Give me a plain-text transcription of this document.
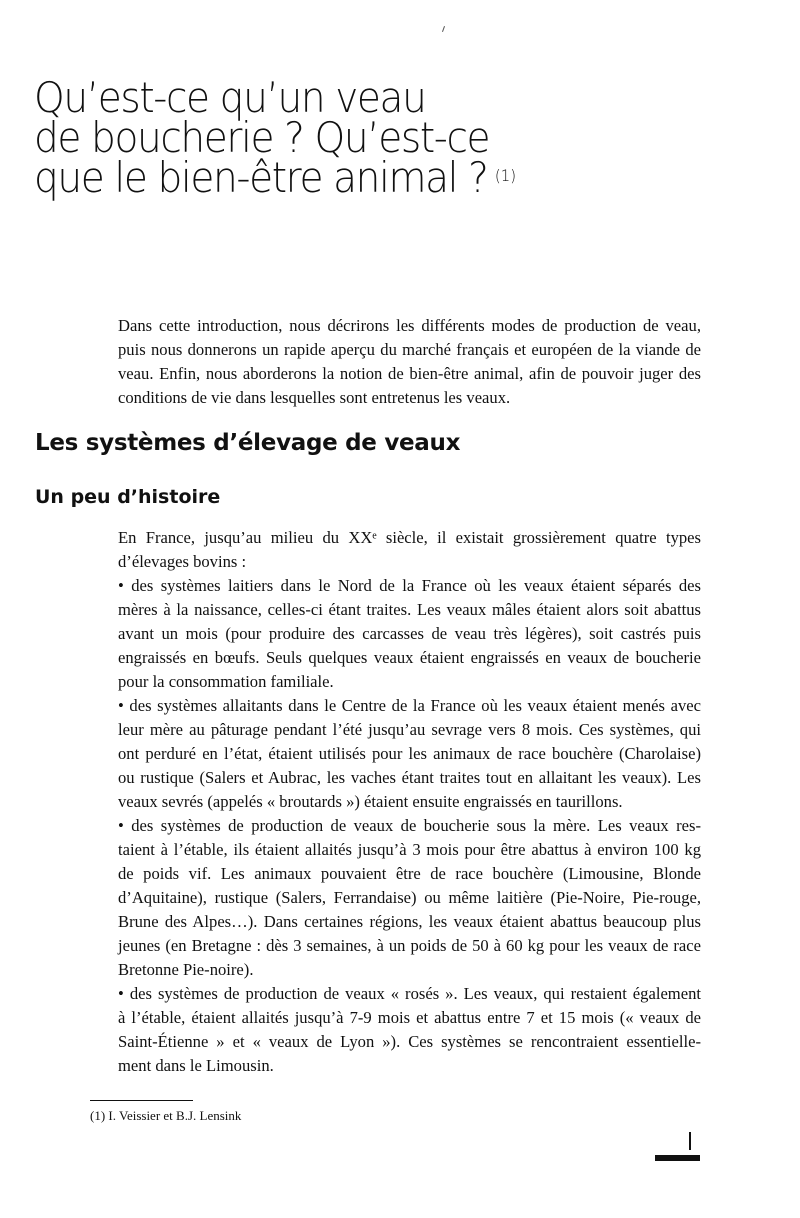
Qu’est-ce qu’un veau
de boucherie ? Qu’est-ce
que le bien-être animal ? $^{(1)}$
Dans cette introduction, nous décrirons les différents modes de production de veau,
puis nous donnerons un rapide aperçu du marché français et européen de la viande de
veau. Enfin, nous aborderons la notion de bien-être animal, afin de pouvoir juger des
conditions de vie dans lesquelles sont entretenus les veaux.
Les systèmes d’élevage de veaux
Un peu d’histoire
En France, jusqu’au milieu du XXᵉ siècle, il existait grossièrement quatre types
d’élevages bovins :
• des systèmes laitiers dans le Nord de la France où les veaux étaient séparés des
mères à la naissance, celles-ci étant traites. Les veaux mâles étaient alors soit abattus
avant un mois (pour produire des carcasses de veau très légères), soit castrés puis
engraissés en bœufs. Seuls quelques veaux étaient engraissés en veaux de boucherie
pour la consommation familiale.
• des systèmes allaitants dans le Centre de la France où les veaux étaient menés avec
leur mère au pâturage pendant l’été jusqu’au sevrage vers 8 mois. Ces systèmes, qui
ont perduré en l’état, étaient utilisés pour les animaux de race bouchère (Charolaise)
ou rustique (Salers et Aubrac, les vaches étant traites tout en allaitant les veaux). Les
veaux sevrés (appelés « broutards ») étaient ensuite engraissés en taurillons.
• des systèmes de production de veaux de boucherie sous la mère. Les veaux res-
taient à l’étable, ils étaient allaités jusqu’à 3 mois pour être abattus à environ 100 kg
de poids vif. Les animaux pouvaient être de race bouchère (Limousine, Blonde
d’Aquitaine), rustique (Salers, Ferrandaise) ou même laitière (Pie-Noire, Pie-rouge,
Brune des Alpes…). Dans certaines régions, les veaux étaient abattus beaucoup plus
jeunes (en Bretagne : dès 3 semaines, à un poids de 50 à 60 kg pour les veaux de race
Bretonne Pie-noire).
• des systèmes de production de veaux « rosés ». Les veaux, qui restaient également
à l’étable, étaient allaités jusqu’à 7-9 mois et abattus entre 7 et 15 mois (« veaux de
Saint-Étienne » et « veaux de Lyon »). Ces systèmes se rencontraient essentielle-
ment dans le Limousin.
(1) I. Veissier et B.J. Lensink
